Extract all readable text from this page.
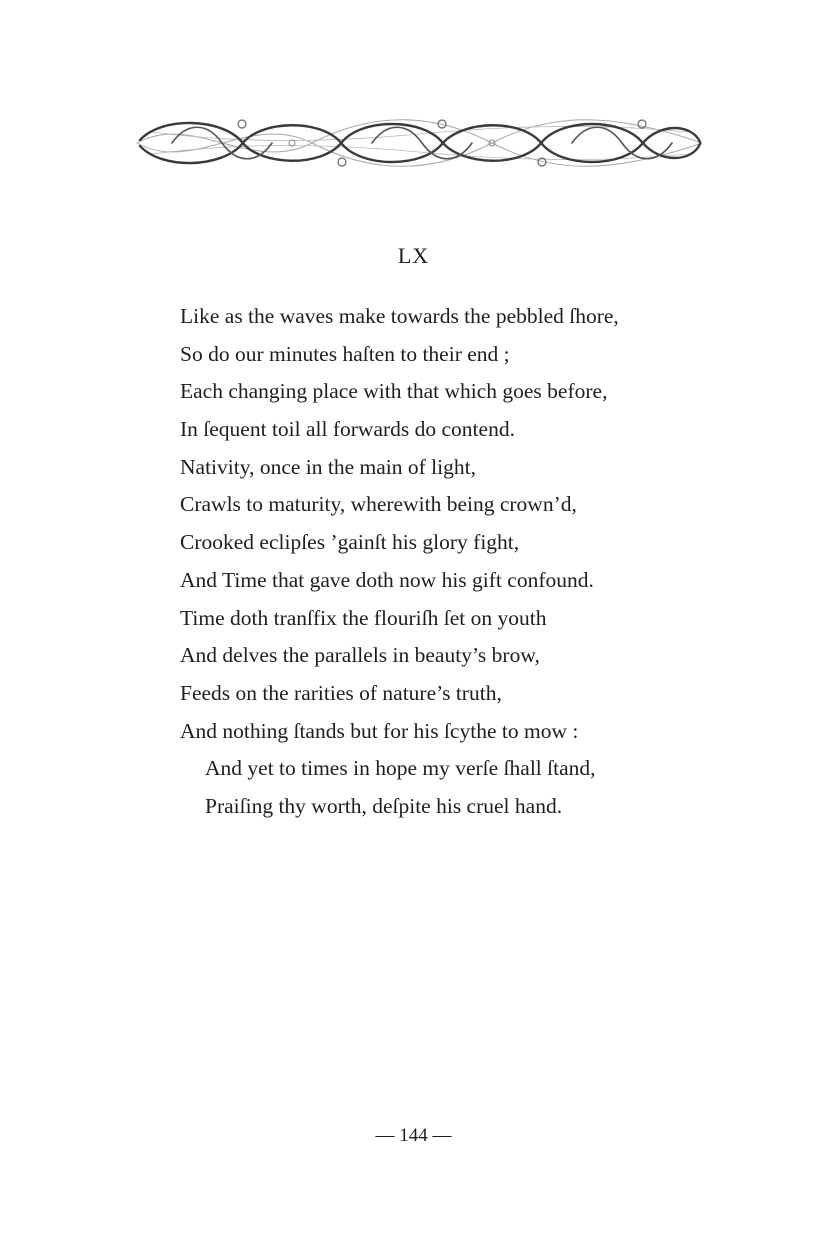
LX
Like as the waves make towards the pebbled ſhore,
So do our minutes haſten to their end ;
Each changing place with that which goes before,
In ſequent toil all forwards do contend.
Nativity, once in the main of light,
Crawls to maturity, wherewith being crown’d,
Crooked eclipſes ’gainſt his glory fight,
And Time that gave doth now his gift confound.
Time doth tranſfix the flouriſh ſet on youth
And delves the parallels in beauty’s brow,
Feeds on the rarities of nature’s truth,
And nothing ſtands but for his ſcythe to mow :
And yet to times in hope my verſe ſhall ſtand,
Praiſing thy worth, deſpite his cruel hand.
— 144 —
